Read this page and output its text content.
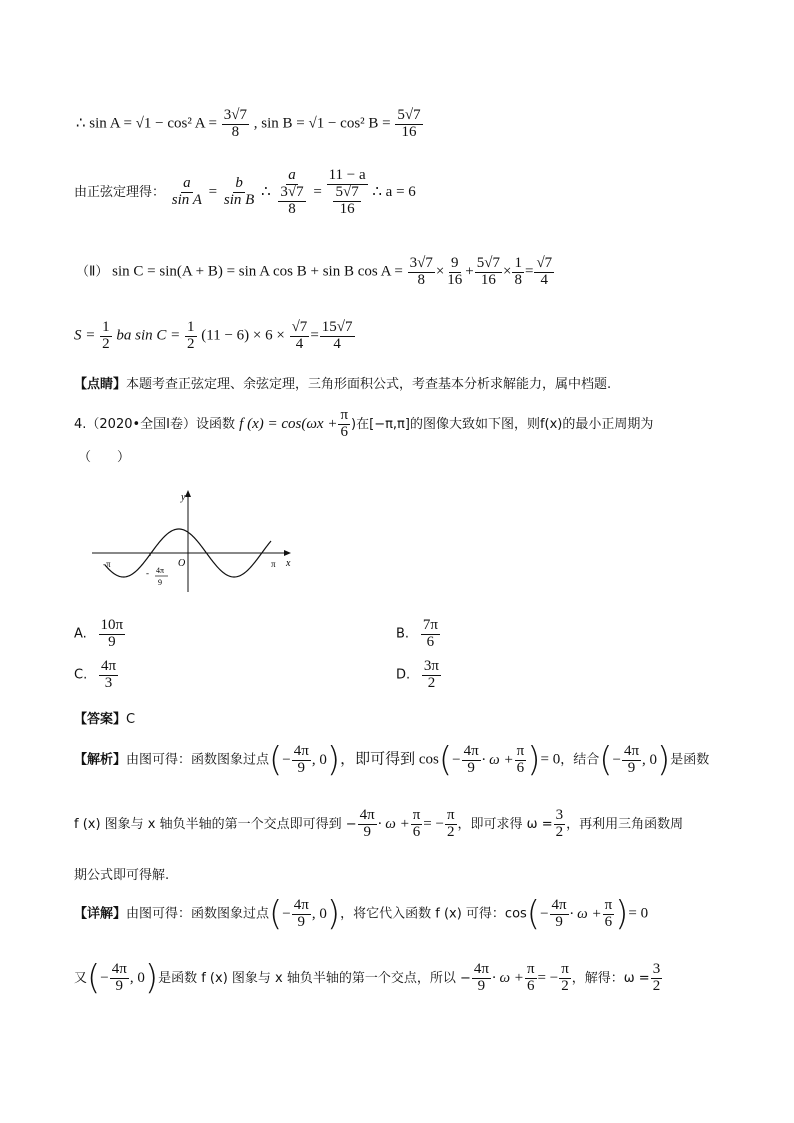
∴ sin A = √1 − cos² $A = \frac{3√7}{8}$ , sin B = √1 − cos² $B = \frac{5√7}{16}$
由正弦定理得： $\frac{a}{\text{sin A}} = \frac{b}{\text{sin B}}$ ∴ $\frac{a}{\frac{3√7}{8}} = \frac{11 - a}{\frac{5√7}{16}}$ ∴ a = 6
（Ⅱ） sin C = sin(A + B) = sin A cos B + sin B $\cos A = \frac{3√7}{8} \times \frac{9}{16} + \frac{5√7}{16} \times \frac{1}{8} = \frac{√7}{4}$
$S = \frac{1}{2}$ ba $\sin C = \frac{1}{2} (11 - 6) \times 6 \times \frac{√7}{4} = \frac{15√7}{4}$
【点睛】本题考查正弦定理、余弦定理，三角形面积公式，考查基本分析求解能力，属中档题.
4.（2020•全国Ⅰ卷）设函数 f $(x) = \cos(\omega x + \frac{\pi}{6}$ )在[−π,π]的图像大致如下图，则f(x)的最小正周期为
（　　）
y
x
O
-π	π
- 4π
9
A. $\frac{10\pi}{9}$	B. $\frac{7\pi}{6}$
C. $\frac{4\pi}{3}$	D. $\frac{3\pi}{2}$
【答案】C
【解析】由图可得：函数图象过点(− $\frac{4\pi}{9}$ , 0)，即可得到 $\cos(- \frac{4\pi}{9} \cdot \omega + \frac{\pi}{6}$ )= 0，结合(− $\frac{4\pi}{9}$ , 0)是函数
f (x) 图象与 x 轴负半轴的第一个交点即可得到 − $\frac{4\pi}{9} \cdot \omega + \frac{\pi}{6}$ = − $\frac{\pi}{2}$ ，即可求得 $\omega = \frac{3}{2}$ ，再利用三角函数周
期公式即可得解.
【详解】由图可得：函数图象过点(− $\frac{4\pi}{9}$ , 0)，将它代入函数 f (x) 可得：$\cos(- \frac{4\pi}{9} \cdot \omega + \frac{\pi}{6}$ )= 0
又(− $\frac{4\pi}{9}$ , 0)是函数 f (x) 图象与 x 轴负半轴的第一个交点，所以 − $\frac{4\pi}{9} \cdot \omega + \frac{\pi}{6}$ = − $\frac{\pi}{2}$ ，解得：$\omega = \frac{3}{2}$
